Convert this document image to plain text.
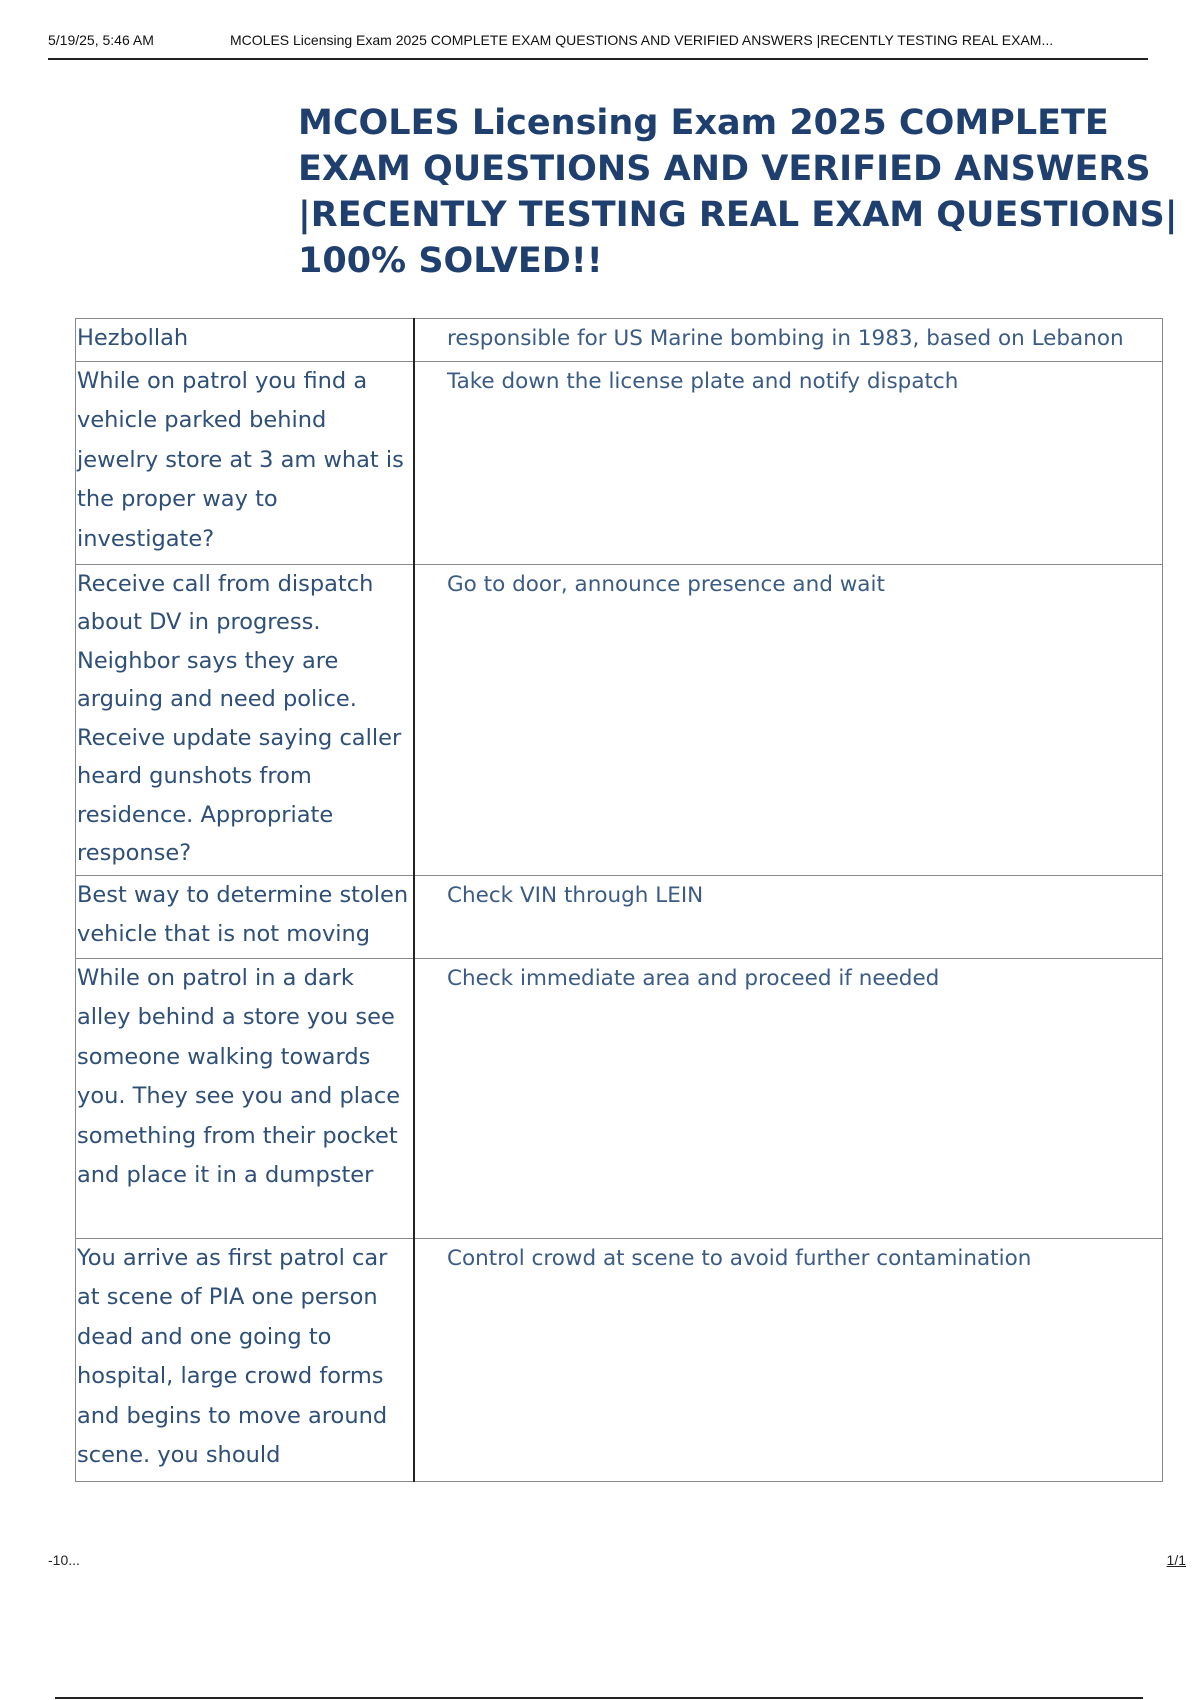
5/19/25, 5:46 AM	MCOLES Licensing Exam 2025 COMPLETE EXAM QUESTIONS AND VERIFIED ANSWERS |RECENTLY TESTING REAL EXAM...
MCOLES Licensing Exam 2025 COMPLETE EXAM QUESTIONS AND VERIFIED ANSWERS |RECENTLY TESTING REAL EXAM QUESTIONS| 100% SOLVED!!
Hezbollah	responsible for US Marine bombing in 1983, based on Lebanon
While on patrol you find a vehicle parked behind jewelry store at 3 am what is the proper way to investigate?	Take down the license plate and notify dispatch
Receive call from dispatch about DV in progress. Neighbor says they are arguing and need police. Receive update saying caller heard gunshots from residence. Appropriate response?	Go to door, announce presence and wait
Best way to determine stolen vehicle that is not moving	Check VIN through LEIN
While on patrol in a dark alley behind a store you see someone walking towards you. They see you and place something from their pocket and place it in a dumpster	Check immediate area and proceed if needed
You arrive as first patrol car at scene of PIA one person dead and one going to hospital, large crowd forms and begins to move around scene. you should	Control crowd at scene to avoid further contamination
-10...	1/1
